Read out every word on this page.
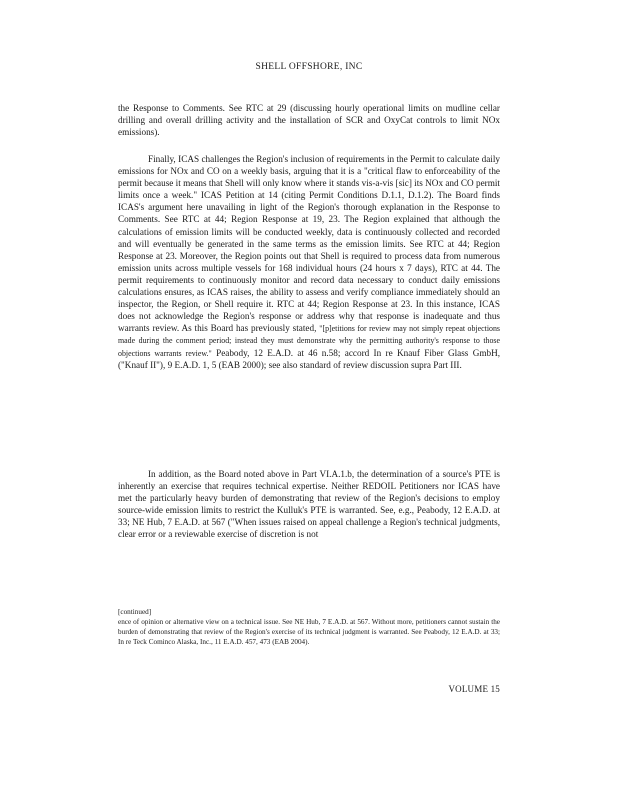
SHELL OFFSHORE, INC

the Response to Comments. See RTC at 29 (discussing hourly operational limits on mudline cellar drilling and overall drilling activity and the installation of SCR and OxyCat controls to limit NOx emissions).

Finally, ICAS challenges the Region's inclusion of requirements in the Permit to calculate daily emissions for NOx and CO on a weekly basis, arguing that it is a "critical flaw to enforceability of the permit because it means that Shell will only know where it stands vis-a-vis [sic] its NOx and CO permit limits once a week." ICAS Petition at 14 (citing Permit Conditions D.1.1, D.1.2). The Board finds ICAS's argument here unavailing in light of the Region's thorough explanation in the Response to Comments. See RTC at 44; Region Response at 19, 23. The Region explained that although the calculations of emission limits will be conducted weekly, data is continuously collected and recorded and will eventually be generated in the same terms as the emission limits. See RTC at 44; Region Response at 23. Moreover, the Region points out that Shell is required to process data from numerous emission units across multiple vessels for 168 individual hours (24 hours x 7 days), RTC at 44. The permit requirements to continuously monitor and record data necessary to conduct daily emissions calculations ensures, as ICAS raises, the ability to assess and verify compliance immediately should an inspector, the Region, or Shell require it. RTC at 44; Region Response at 23. In this instance, ICAS does not acknowledge the Region's response or address why that response is inadequate and thus warrants review. As this Board has previously stated, "[p]etitions for review may not simply repeat objections made during the comment period; instead they must demonstrate why the permitting authority's response to those objections warrants review." Peabody, 12 E.A.D. at 46 n.58; accord In re Knauf Fiber Glass GmbH, ("Knauf II"), 9 E.A.D. 1, 5 (EAB 2000); see also standard of review discussion supra Part III.

In addition, as the Board noted above in Part VI.A.1.b, the determination of a source's PTE is inherently an exercise that requires technical expertise. Neither REDOIL Petitioners nor ICAS have met the particularly heavy burden of demonstrating that review of the Region's decisions to employ source-wide emission limits to restrict the Kulluk's PTE is warranted. See, e.g., Peabody, 12 E.A.D. at 33; NE Hub, 7 E.A.D. at 567 ("When issues raised on appeal challenge a Region's technical judgments, clear error or a reviewable exercise of discretion is not

[continued]
ence of opinion or alternative view on a technical issue. See NE Hub, 7 E.A.D. at 567. Without more, petitioners cannot sustain the burden of demonstrating that review of the Region's exercise of its technical judgment is warranted. See Peabody, 12 E.A.D. at 33; In re Teck Cominco Alaska, Inc., 11 E.A.D. 457, 473 (EAB 2004).
VOLUME 15
